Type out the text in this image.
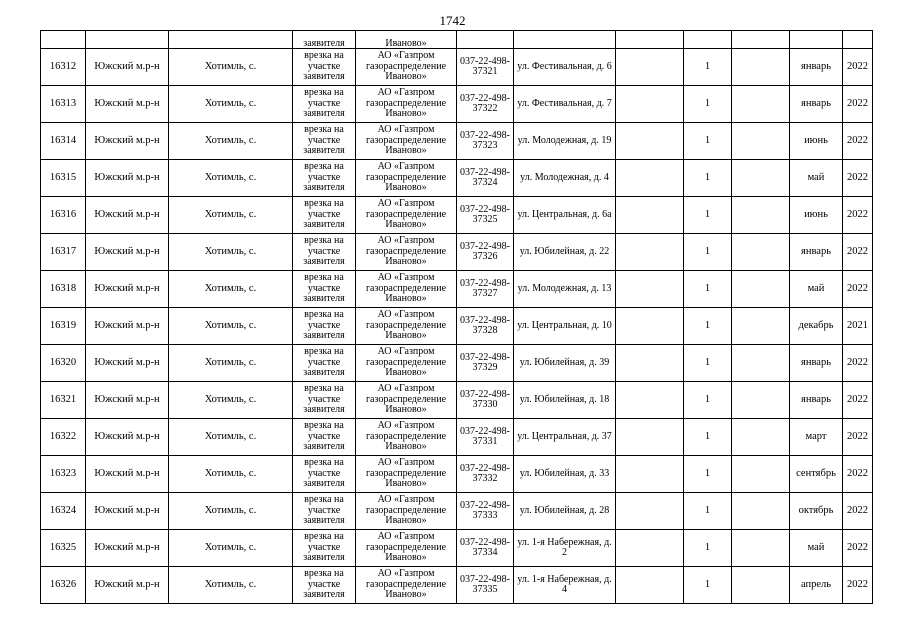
1742
			заявителя	Иваново»							
16312	Южский м.р-н	Хотимль, с.	врезка на участке заявителя	АО «Газпром газораспределение Иваново»	037-22-498-37321	ул. Фестивальная, д. 6		1		январь	2022
16313	Южский м.р-н	Хотимль, с.	врезка на участке заявителя	АО «Газпром газораспределение Иваново»	037-22-498-37322	ул. Фестивальная, д. 7		1		январь	2022
16314	Южский м.р-н	Хотимль, с.	врезка на участке заявителя	АО «Газпром газораспределение Иваново»	037-22-498-37323	ул. Молодежная, д. 19		1		июнь	2022
16315	Южский м.р-н	Хотимль, с.	врезка на участке заявителя	АО «Газпром газораспределение Иваново»	037-22-498-37324	ул. Молодежная, д. 4		1		май	2022
16316	Южский м.р-н	Хотимль, с.	врезка на участке заявителя	АО «Газпром газораспределение Иваново»	037-22-498-37325	ул. Центральная, д. 6а		1		июнь	2022
16317	Южский м.р-н	Хотимль, с.	врезка на участке заявителя	АО «Газпром газораспределение Иваново»	037-22-498-37326	ул. Юбилейная, д. 22		1		январь	2022
16318	Южский м.р-н	Хотимль, с.	врезка на участке заявителя	АО «Газпром газораспределение Иваново»	037-22-498-37327	ул. Молодежная, д. 13		1		май	2022
16319	Южский м.р-н	Хотимль, с.	врезка на участке заявителя	АО «Газпром газораспределение Иваново»	037-22-498-37328	ул. Центральная, д. 10		1		декабрь	2021
16320	Южский м.р-н	Хотимль, с.	врезка на участке заявителя	АО «Газпром газораспределение Иваново»	037-22-498-37329	ул. Юбилейная, д. 39		1		январь	2022
16321	Южский м.р-н	Хотимль, с.	врезка на участке заявителя	АО «Газпром газораспределение Иваново»	037-22-498-37330	ул. Юбилейная, д. 18		1		январь	2022
16322	Южский м.р-н	Хотимль, с.	врезка на участке заявителя	АО «Газпром газораспределение Иваново»	037-22-498-37331	ул. Центральная, д. 37		1		март	2022
16323	Южский м.р-н	Хотимль, с.	врезка на участке заявителя	АО «Газпром газораспределение Иваново»	037-22-498-37332	ул. Юбилейная, д. 33		1		сентябрь	2022
16324	Южский м.р-н	Хотимль, с.	врезка на участке заявителя	АО «Газпром газораспределение Иваново»	037-22-498-37333	ул. Юбилейная, д. 28		1		октябрь	2022
16325	Южский м.р-н	Хотимль, с.	врезка на участке заявителя	АО «Газпром газораспределение Иваново»	037-22-498-37334	ул. 1-я Набережная, д. 2		1		май	2022
16326	Южский м.р-н	Хотимль, с.	врезка на участке заявителя	АО «Газпром газораспределение Иваново»	037-22-498-37335	ул. 1-я Набережная, д. 4		1		апрель	2022
